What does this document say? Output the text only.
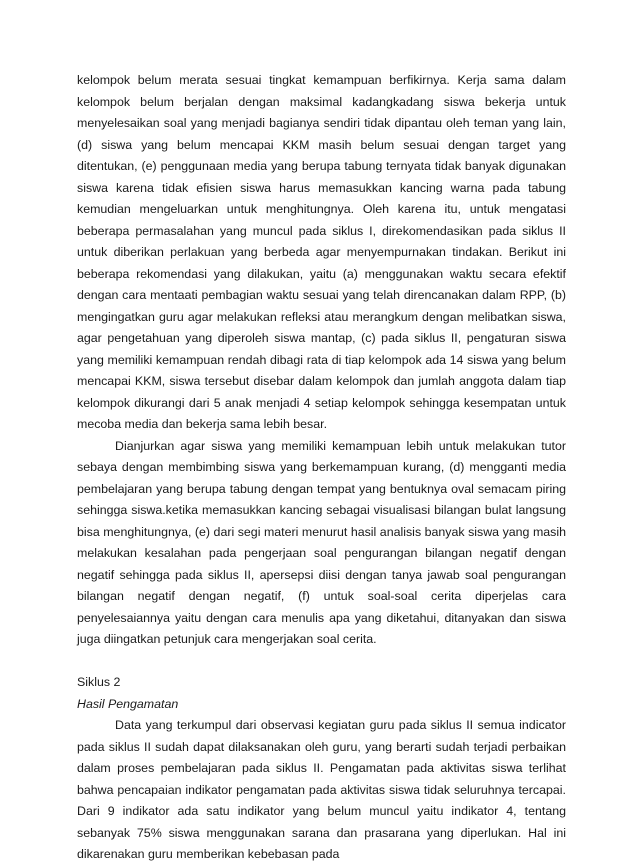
kelompok belum merata sesuai tingkat kemampuan berfikirnya. Kerja sama dalam kelompok belum berjalan dengan maksimal kadangkadang siswa bekerja untuk menyelesaikan soal yang menjadi bagianya sendiri tidak dipantau oleh teman yang lain, (d) siswa yang belum mencapai KKM masih belum sesuai dengan target yang ditentukan, (e) penggunaan media yang berupa tabung ternyata tidak banyak digunakan siswa karena tidak efisien siswa harus memasukkan kancing warna pada tabung kemudian mengeluarkan untuk menghitungnya. Oleh karena itu, untuk mengatasi beberapa permasalahan yang muncul pada siklus I, direkomendasikan pada siklus II untuk diberikan perlakuan yang berbeda agar menyempurnakan tindakan. Berikut ini beberapa rekomendasi yang dilakukan, yaitu (a) menggunakan waktu secara efektif dengan cara mentaati pembagian waktu sesuai yang telah direncanakan dalam RPP, (b) mengingatkan guru agar melakukan refleksi atau merangkum dengan melibatkan siswa, agar pengetahuan yang diperoleh siswa mantap, (c) pada siklus II, pengaturan siswa yang memiliki kemampuan rendah dibagi rata di tiap kelompok ada 14 siswa yang belum mencapai KKM, siswa tersebut disebar dalam kelompok dan jumlah anggota dalam tiap kelompok dikurangi dari 5 anak menjadi 4 setiap kelompok sehingga kesempatan untuk mecoba media dan bekerja sama lebih besar.

Dianjurkan agar siswa yang memiliki kemampuan lebih untuk melakukan tutor sebaya dengan membimbing siswa yang berkemampuan kurang, (d) mengganti media pembelajaran yang berupa tabung dengan tempat yang bentuknya oval semacam piring sehingga siswa.ketika memasukkan kancing sebagai visualisasi bilangan bulat langsung bisa menghitungnya, (e) dari segi materi menurut hasil analisis banyak siswa yang masih melakukan kesalahan pada pengerjaan soal pengurangan bilangan negatif dengan negatif sehingga pada siklus II, apersepsi diisi dengan tanya jawab soal pengurangan bilangan negatif dengan negatif, (f) untuk soal-soal cerita diperjelas cara penyelesaiannya yaitu dengan cara menulis apa yang diketahui, ditanyakan dan siswa juga diingatkan petunjuk cara mengerjakan soal cerita.

Siklus 2

Hasil Pengamatan

Data yang terkumpul dari observasi kegiatan guru pada siklus II semua indicator pada siklus II sudah dapat dilaksanakan oleh guru, yang berarti sudah terjadi perbaikan dalam proses pembelajaran pada siklus II. Pengamatan pada aktivitas siswa terlihat bahwa pencapaian indikator pengamatan pada aktivitas siswa tidak seluruhnya tercapai. Dari 9 indikator ada satu indikator yang belum muncul yaitu indikator 4, tentang sebanyak 75% siswa menggunakan sarana dan prasarana yang diperlukan. Hal ini dikarenakan guru memberikan kebebasan pada
